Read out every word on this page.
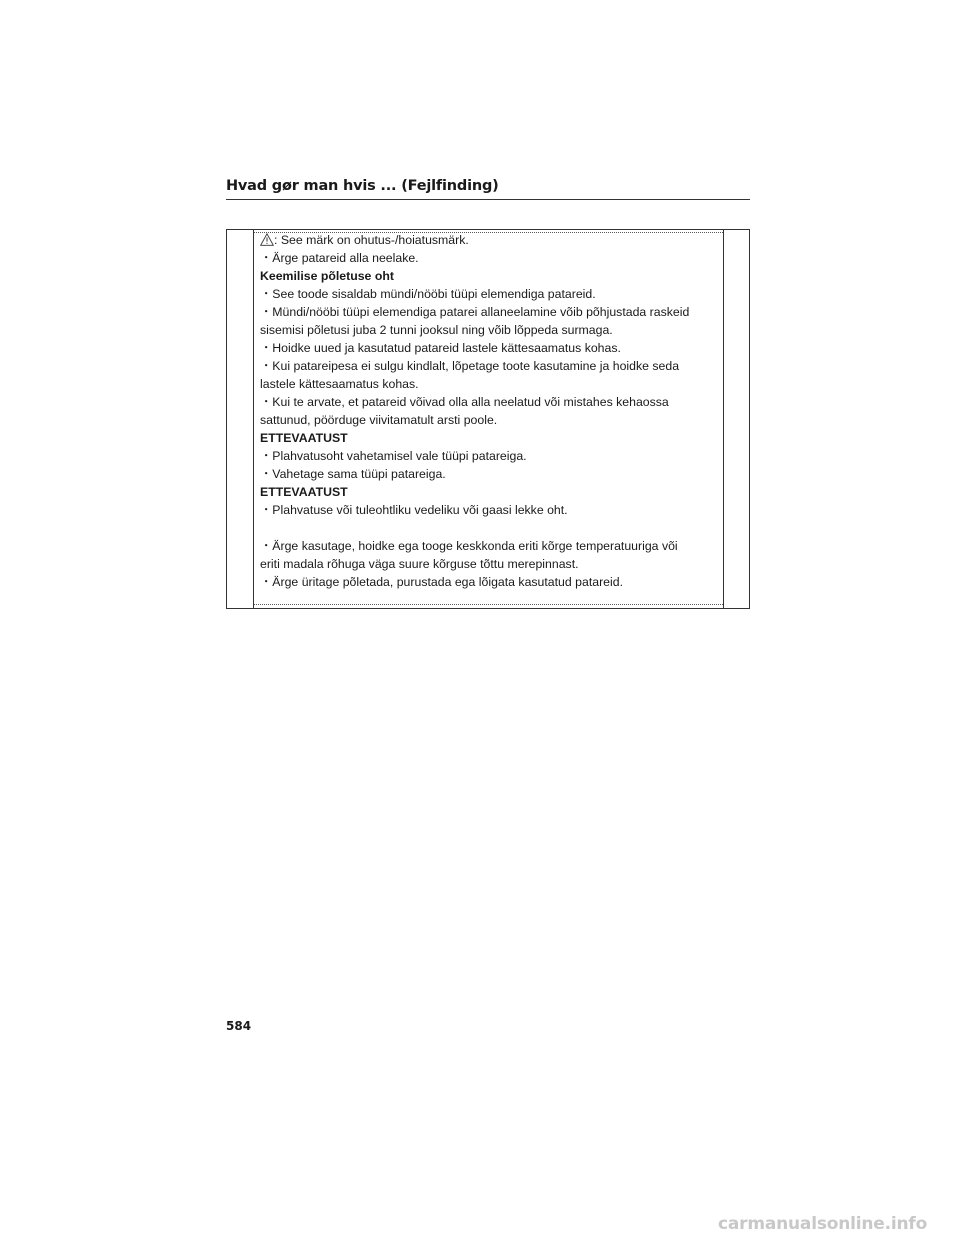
Hvad gør man hvis ... (Fejlfinding)
: See märk on ohutus-/hoiatusmärk.
・Ärge patareid alla neelake.
Keemilise põletuse oht
・See toode sisaldab mündi/nööbi tüüpi elemendiga patareid.
・Mündi/nööbi tüüpi elemendiga patarei allaneelamine võib põhjustada raskeid
sisemisi põletusi juba 2 tunni jooksul ning võib lõppeda surmaga.
・Hoidke uued ja kasutatud patareid lastele kättesaamatus kohas.
・Kui patareipesa ei sulgu kindlalt, lõpetage toote kasutamine ja hoidke seda
lastele kättesaamatus kohas.
・Kui te arvate, et patareid võivad olla alla neelatud või mistahes kehaossa
sattunud, pöörduge viivitamatult arsti poole.
ETTEVAATUST
・Plahvatusoht vahetamisel vale tüüpi patareiga.
・Vahetage sama tüüpi patareiga.
ETTEVAATUST
・Plahvatuse või tuleohtliku vedeliku või gaasi lekke oht.
・Ärge kasutage, hoidke ega tooge keskkonda eriti kõrge temperatuuriga või
eriti madala rõhuga väga suure kõrguse tõttu merepinnast.
・Ärge üritage põletada, purustada ega lõigata kasutatud patareid.
584
carmanualsonline.info
